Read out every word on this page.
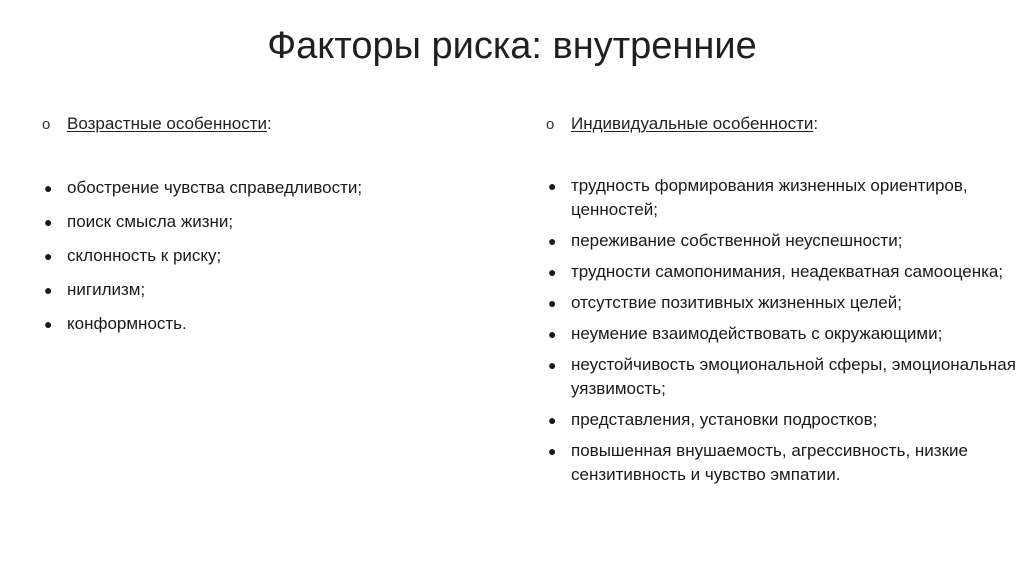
Факторы риска: внутренние
o Возрастные особенности :
● обострение чувства справедливости;
● поиск смысла жизни;
● склонность к риску;
● нигилизм;
● конформность.
o Индивидуальные особенности :
● трудность формирования жизненных ориентиров, ценностей;
● переживание собственной неуспешности;
● трудности самопонимания, неадекватная самооценка;
● отсутствие позитивных жизненных целей;
● неумение взаимодействовать с окружающими;
● неустойчивость эмоциональной сферы, эмоциональная уязвимость;
● представления, установки подростков;
● повышенная внушаемость, агрессивность, низкие сензитивность и чувство эмпатии.
